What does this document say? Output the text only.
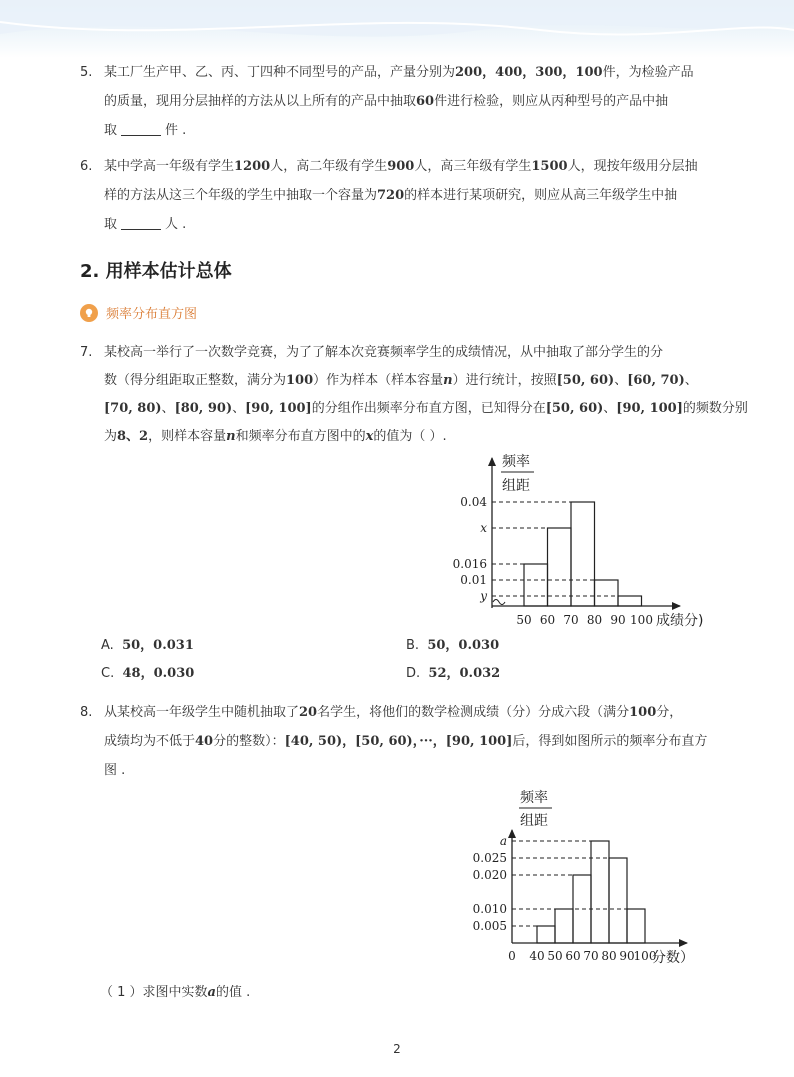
5. 某工厂生产甲、乙、丙、丁四种不同型号的产品，产量分别为200，400，300，100件，为检验产品
的质量，现用分层抽样的方法从以上所有的产品中抽取60件进行检验，则应从丙种型号的产品中抽
取	件 .
6. 某中学高一年级有学生1200人，高二年级有学生900人，高三年级有学生1500人，现按年级用分层抽
样的方法从这三个年级的学生中抽取一个容量为720的样本进行某项研究，则应从高三年级学生中抽
取	人 .
2. 用样本估计总体
频率分布直方图
7. 某校高一举行了一次数学竞赛，为了了解本次竞赛频率学生的成绩情况，从中抽取了部分学生的分
数（得分组距取正整数，满分为100）作为样本（样本容量n）进行统计，按照[50, 60)、[60, 70)、
[70, 80)、[80, 90)、[90, 100]的分组作出频率分布直方图，已知得分在[50, 60)、[90, 100]的频数分别
为8、2，则样本容量n和频率分布直方图中的x的值为（ ）.
频率
组距
0.04
x
0.016
0.01
y
50 60 70 80 90 100 成绩分)
A. 50，0.031	B. 50，0.030
C. 48，0.030	D. 52，0.032
8. 从某校高一年级学生中随机抽取了20名学生，将他们的数学检测成绩（分）分成六段（满分100分，
成绩均为不低于40分的整数）：[40, 50)，[50, 60)，···，[90, 100]后，得到如图所示的频率分布直方
图 .
频率
组距
a
0.025
0.020
0.010
0.005
0 40 50 60 70 80 90
100
分数）
（ 1 ）求图中实数a的值 .
2
